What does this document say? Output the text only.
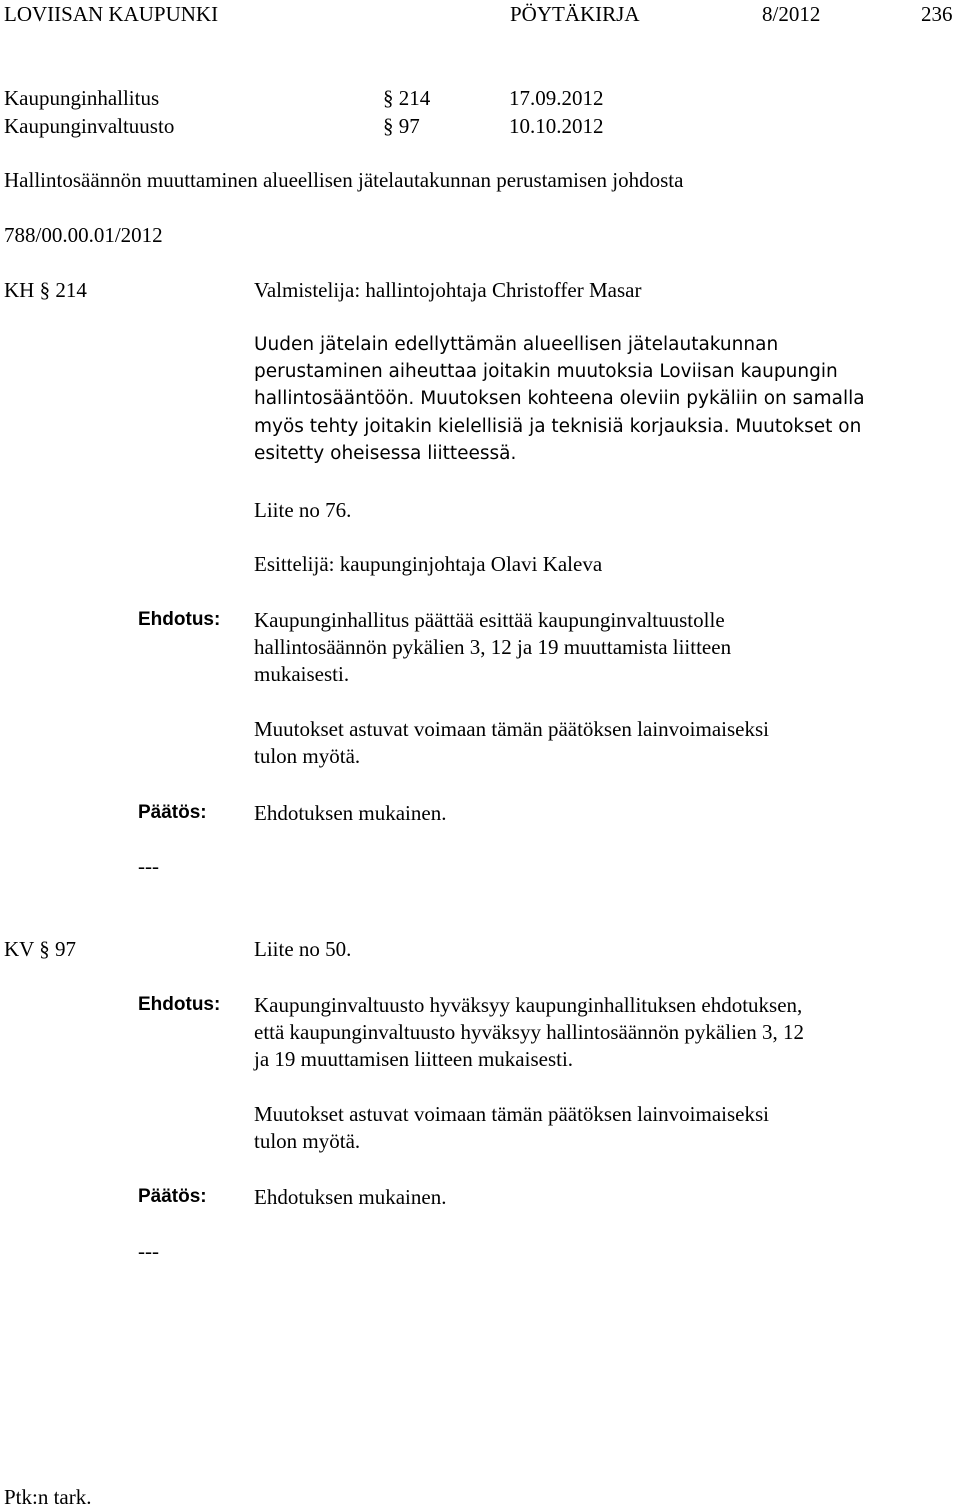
LOVIISAN KAUPUNKI	PÖYTÄKIRJA	8/2012	236
Kaupunginhallitus	§ 214	17.09.2012
Kaupunginvaltuusto	§ 97	10.10.2012
Hallintosäännön muuttaminen alueellisen jätelautakunnan perustamisen johdosta
788/00.00.01/2012
KH § 214	Valmistelija: hallintojohtaja Christoffer Masar
Uuden jätelain edellyttämän alueellisen jätelautakunnan
perustaminen aiheuttaa joitakin muutoksia Loviisan kaupungin
hallintosääntöön. Muutoksen kohteena oleviin pykäliin on samalla
myös tehty joitakin kielellisiä ja teknisiä korjauksia. Muutokset on
esitetty oheisessa liitteessä.
Liite no 76.
Esittelijä: kaupunginjohtaja Olavi Kaleva
Ehdotus: Kaupunginhallitus päättää esittää kaupunginvaltuustolle
hallintosäännön pykälien 3, 12 ja 19 muuttamista liitteen
mukaisesti.
Muutokset astuvat voimaan tämän päätöksen lainvoimaiseksi
tulon myötä.
Päätös: Ehdotuksen mukainen.
---
KV § 97	Liite no 50.
Ehdotus: Kaupunginvaltuusto hyväksyy kaupunginhallituksen ehdotuksen,
että kaupunginvaltuusto hyväksyy hallintosäännön pykälien 3, 12
ja 19 muuttamisen liitteen mukaisesti.
Muutokset astuvat voimaan tämän päätöksen lainvoimaiseksi
tulon myötä.
Päätös: Ehdotuksen mukainen.
---
Ptk:n tark.
